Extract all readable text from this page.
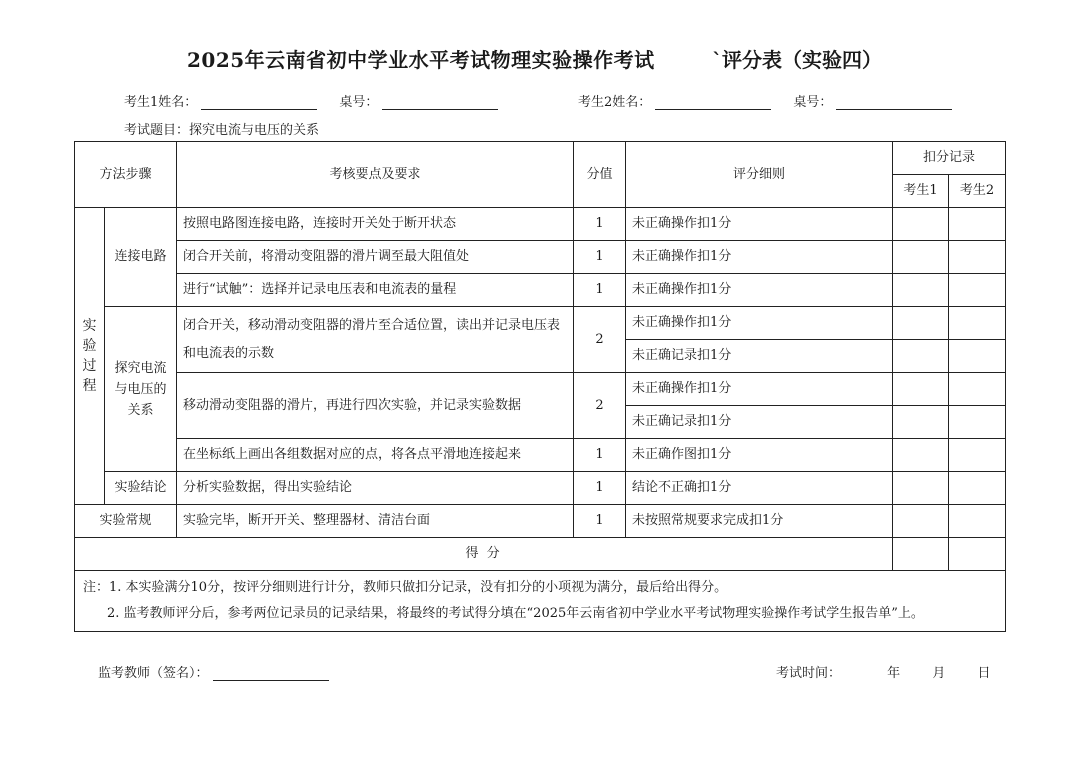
2025年云南省初中学业水平考试物理实验操作考试	`评分表（实验四）
考生1姓名：	桌号：	考生2姓名：	桌号：
考试题目：探究电流与电压的关系
方法步骤		考核要点及要求	分值	评分细则	扣分记录	
					考生1	考生2
实验过程	连接电路	按照电路图连接电路，连接时开关处于断开状态	1	未正确操作扣1分		
		闭合开关前，将滑动变阻器的滑片调至最大阻值处	1	未正确操作扣1分		
		进行“试触”：选择并记录电压表和电流表的量程	1	未正确操作扣1分		
	探究电流与电压的关系	闭合开关，移动滑动变阻器的滑片至合适位置，读出并记录电压表和电流表的示数	2	未正确操作扣1分		
				未正确记录扣1分		
		移动滑动变阻器的滑片，再进行四次实验，并记录实验数据	2	未正确操作扣1分		
				未正确记录扣1分		
		在坐标纸上画出各组数据对应的点，将各点平滑地连接起来	1	未正确作图扣1分		
	实验结论	分析实验数据，得出实验结论	1	结论不正确扣1分		
实验常规		实验完毕，断开开关、整理器材、清洁台面	1	未按照常规要求完成扣1分		
得 分						

注：1. 本实验满分10分，按评分细则进行计分，教师只做扣分记录，没有扣分的小项视为满分，最后给出得分。
2. 监考教师评分后，参考两位记录员的记录结果，将最终的考试得分填在“2025年云南省初中学业水平考试物理实验操作考试学生报告单”上。						
监考教师（签名）：	考试时间：	年 月 日
